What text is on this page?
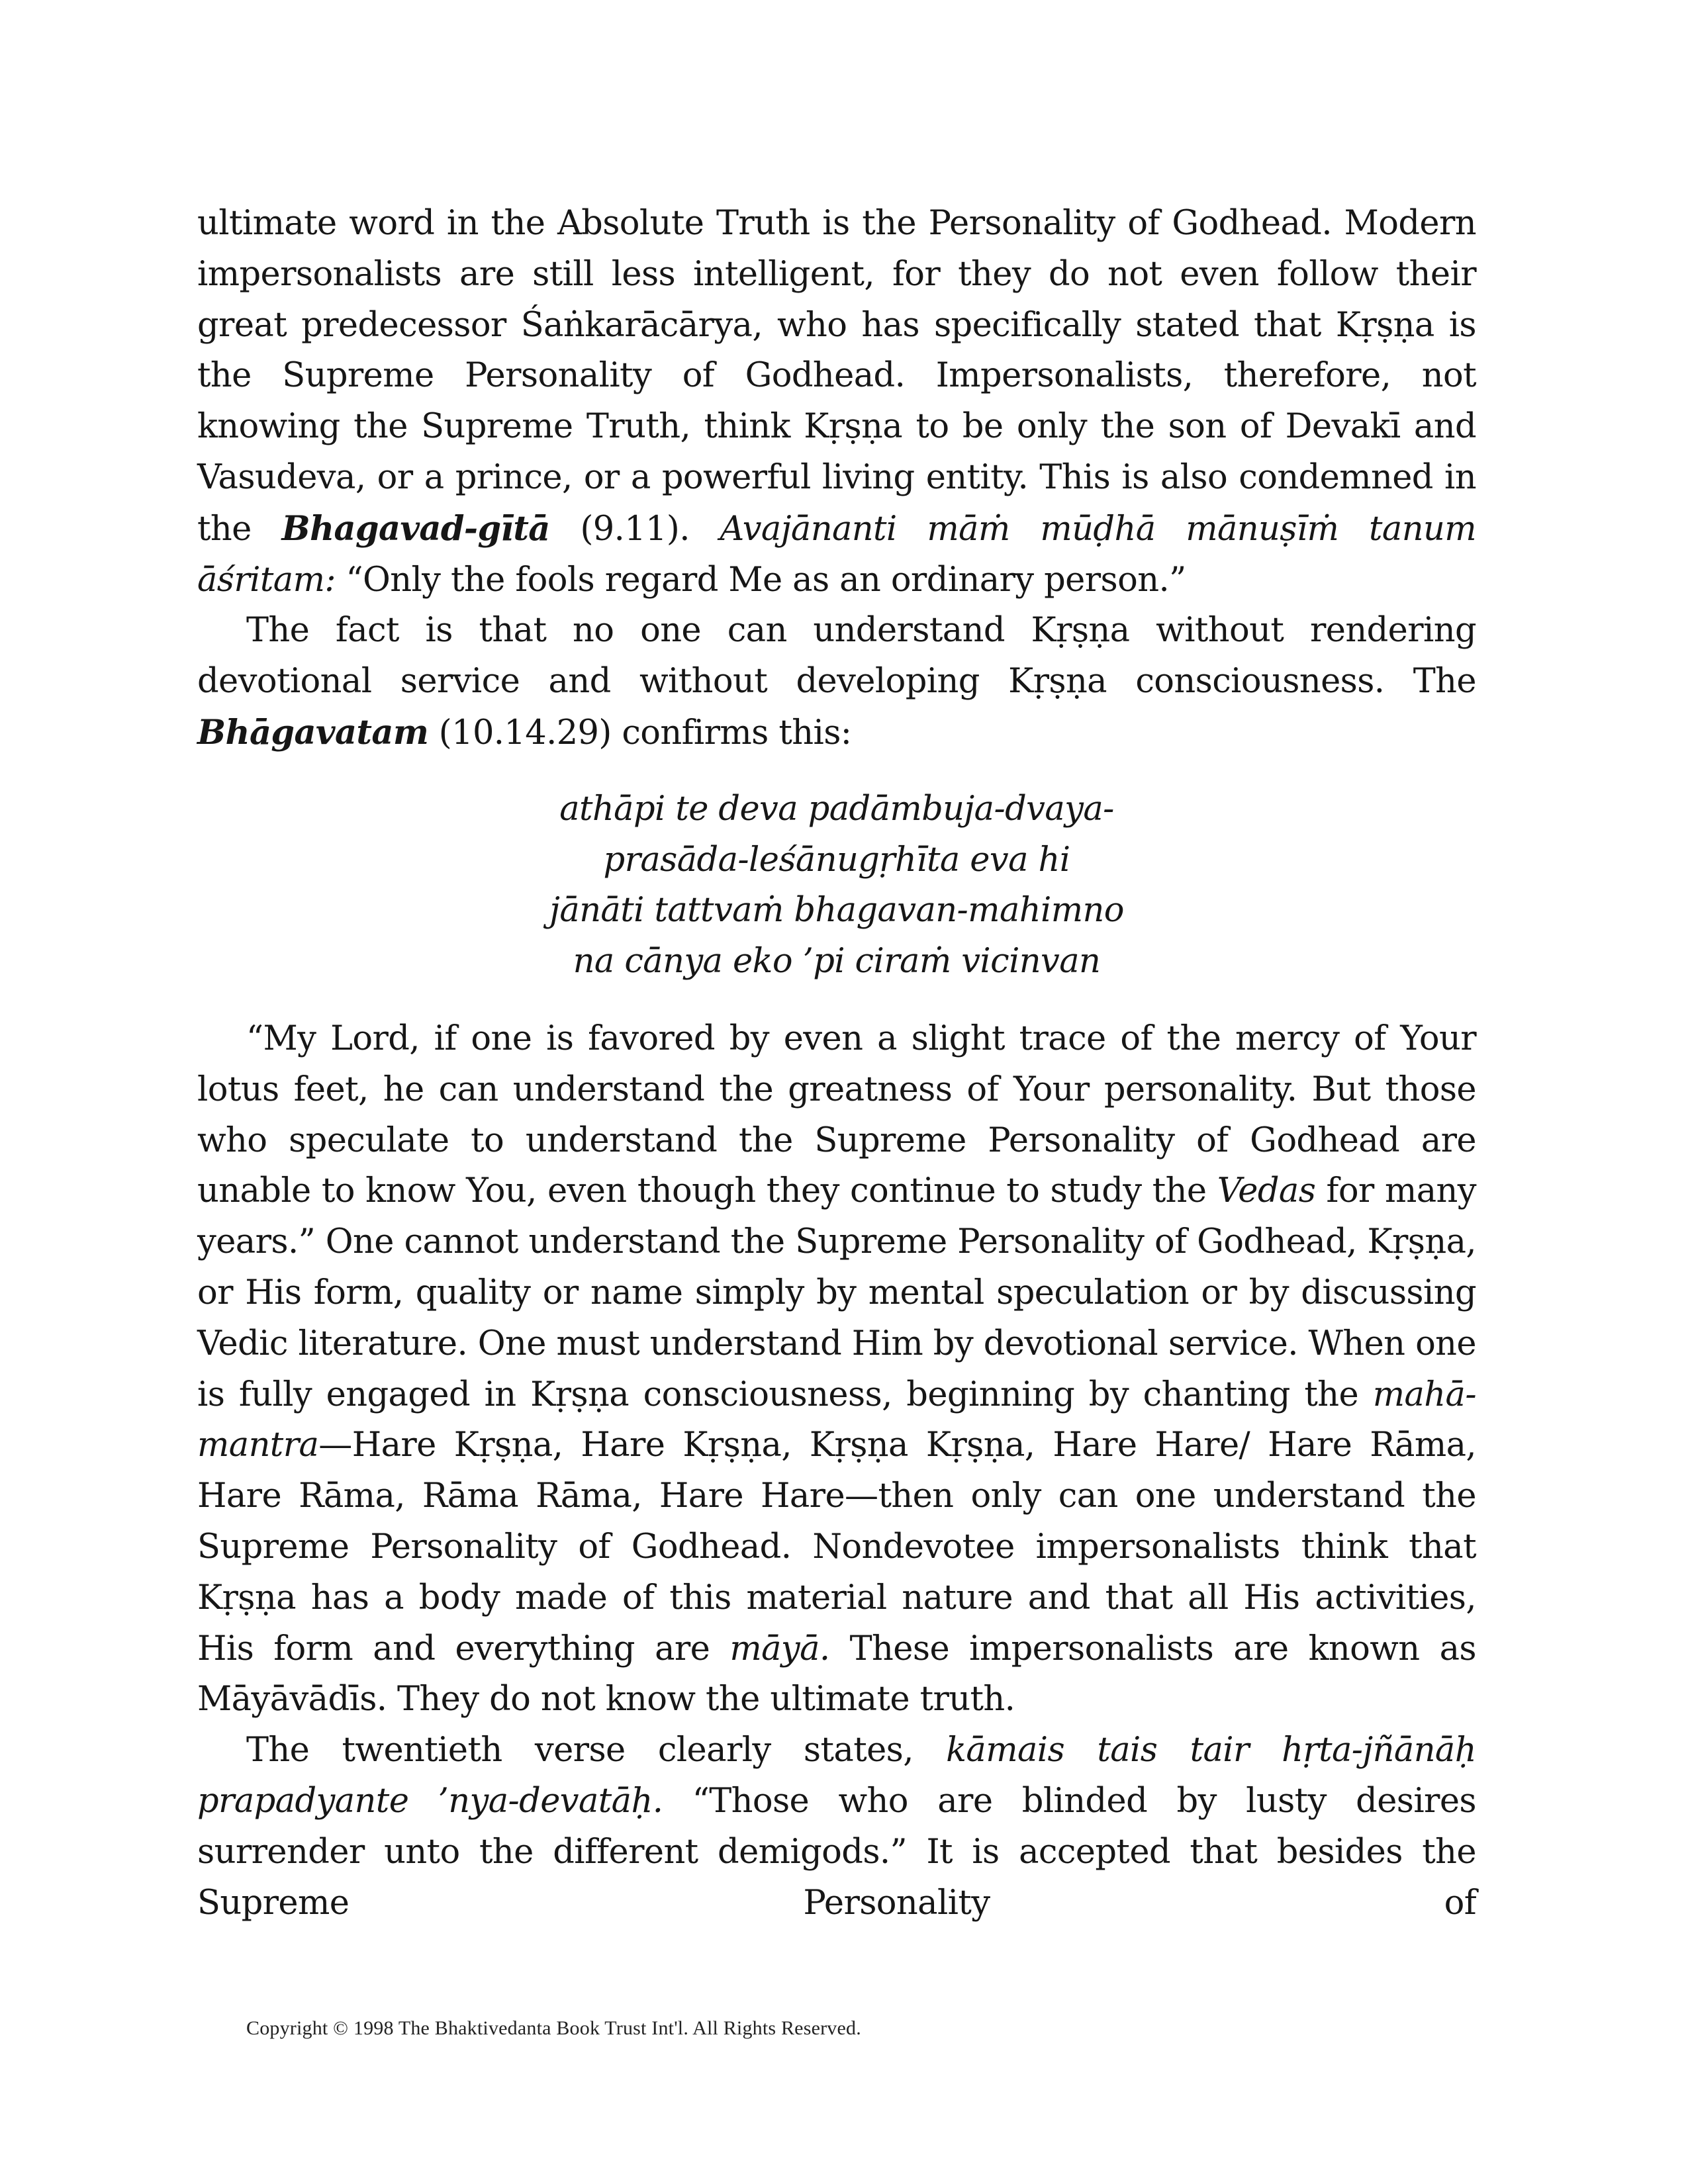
ultimate word in the Absolute Truth is the Personality of Godhead. Modern impersonalists are still less intelligent, for they do not even follow their great predecessor Śaṅkarācārya, who has specifically stated that Kṛṣṇa is the Supreme Personality of Godhead. Impersonalists, therefore, not knowing the Supreme Truth, think Kṛṣṇa to be only the son of Devakī and Vasudeva, or a prince, or a powerful living entity. This is also condemned in the Bhagavad-gītā (9.11). Avajānanti māṁ mūḍhā mānuṣīṁ tanum āśritam: “Only the fools regard Me as an ordinary person.”

The fact is that no one can understand Kṛṣṇa without rendering devotional service and without developing Kṛṣṇa consciousness. The Bhāgavatam (10.14.29) confirms this:

athāpi te deva padāmbuja-dvaya-
prasāda-leśānugṛhīta eva hi
jānāti tattvaṁ bhagavan-mahimno
na cānya eko ’pi ciraṁ vicinvan

“My Lord, if one is favored by even a slight trace of the mercy of Your lotus feet, he can understand the greatness of Your personality. But those who speculate to understand the Supreme Personality of Godhead are unable to know You, even though they continue to study the Vedas for many years.” One cannot understand the Supreme Personality of Godhead, Kṛṣṇa, or His form, quality or name simply by mental speculation or by discussing Vedic literature. One must understand Him by devotional service. When one is fully engaged in Kṛṣṇa consciousness, beginning by chanting the mahā-mantra—Hare Kṛṣṇa, Hare Kṛṣṇa, Kṛṣṇa Kṛṣṇa, Hare Hare/ Hare Rāma, Hare Rāma, Rāma Rāma, Hare Hare—then only can one understand the Supreme Personality of Godhead. Nondevotee impersonalists think that Kṛṣṇa has a body made of this material nature and that all His activities, His form and everything are māyā. These impersonalists are known as Māyāvādīs. They do not know the ultimate truth.

The twentieth verse clearly states, kāmais tais tair hṛta-jñānāḥ prapadyante ’nya-devatāḥ. “Those who are blinded by lusty desires surrender unto the different demigods.” It is accepted that besides the Supreme Personality of

Copyright © 1998 The Bhaktivedanta Book Trust Int'l. All Rights Reserved.
